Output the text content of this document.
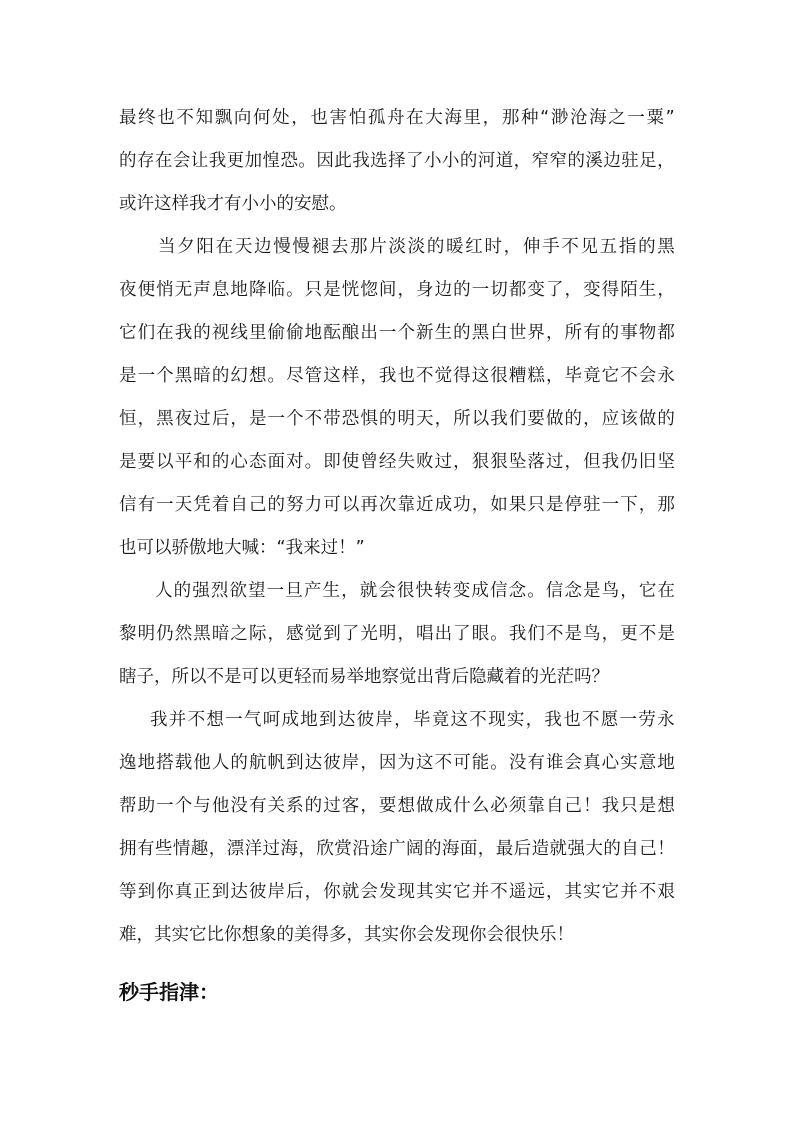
最 终 也 不 知 飘 向 何 处 ， 也 害 怕 孤 舟 在 大 海 里 ， 那 种 “ 渺 沧 海 之 一 粟 ”
的 存 在 会 让 我 更 加 惶 恐 。 因 此 我 选 择 了 小 小 的 河 道 ， 窄 窄 的 溪 边 驻 足 ，
或许这样我才有小小的安慰。
当 夕 阳 在 天 边 慢 慢 褪 去 那 片 淡 淡 的 暖 红 时 ， 伸 手 不 见 五 指 的 黑
夜 便 悄 无 声 息 地 降 临 。 只 是 恍 惚 间 ， 身 边 的 一 切 都 变 了 ， 变 得 陌 生 ，
它 们 在 我 的 视 线 里 偷 偷 地 酝 酿 出 一 个 新 生 的 黑 白 世 界 ， 所 有 的 事 物 都
是 一 个 黑 暗 的 幻 想 。 尽 管 这 样 ， 我 也 不 觉 得 这 很 糟 糕 ， 毕 竟 它 不 会 永
恒 ， 黑 夜 过 后 ， 是 一 个 不 带 恐 惧 的 明 天 ， 所 以 我 们 要 做 的 ， 应 该 做 的
是 要 以 平 和 的 心 态 面 对 。 即 使 曾 经 失 败 过 ， 狠 狠 坠 落 过 ， 但 我 仍 旧 坚
信 有 一 天 凭 着 自 己 的 努 力 可 以 再 次 靠 近 成 功 ， 如 果 只 是 停 驻 一 下 ， 那
也可以骄傲地大喊：“我来过！”
人 的 强 烈 欲 望 一 旦 产 生 ， 就 会 很 快 转 变 成 信 念 。 信 念 是 鸟 ， 它 在
黎 明 仍 然 黑 暗 之 际 ， 感 觉 到 了 光 明 ， 唱 出 了 眼 。 我 们 不 是 鸟 ， 更 不 是
瞎子，所以不是可以更轻而易举地察觉出背后隐藏着的光茫吗？
我 并 不 想 一 气 呵 成 地 到 达 彼 岸 ， 毕 竟 这 不 现 实 ， 我 也 不 愿 一 劳 永
逸 地 搭 载 他 人 的 航 帆 到 达 彼 岸 ， 因 为 这 不 可 能 。 没 有 谁 会 真 心 实 意 地
帮 助 一 个 与 他 没 有 关 系 的 过 客 ， 要 想 做 成 什 么 必 须 靠 自 己 ！ 我 只 是 想
拥 有 些 情 趣 ， 漂 洋 过 海 ， 欣 赏 沿 途 广 阔 的 海 面 ， 最 后 造 就 强 大 的 自 己 ！
等 到 你 真 正 到 达 彼 岸 后 ， 你 就 会 发 现 其 实 它 并 不 遥 远 ， 其 实 它 并 不 艰
难，其实它比你想象的美得多，其实你会发现你会很快乐！
秒手指津：
